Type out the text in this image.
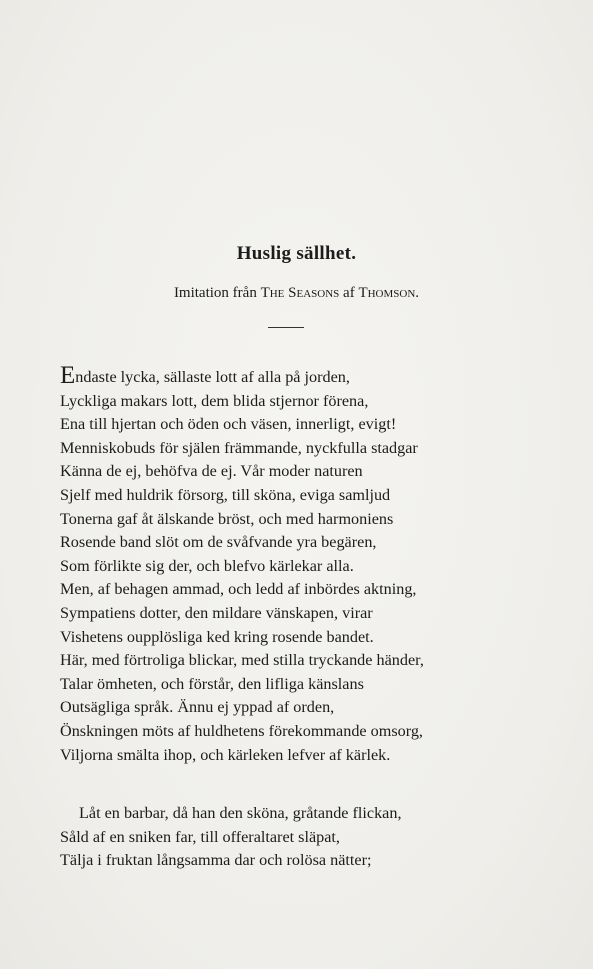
Huslig sällhet.
Imitation från The Seasons af Thomson.
Endaste lycka, sällaste lott af alla på jorden,
Lyckliga makars lott, dem blida stjernor förena,
Ena till hjertan och öden och väsen, innerligt, evigt!
Menniskobuds för själen främmande, nyckfulla stadgar
Känna de ej, behöfva de ej. Vår moder naturen
Sjelf med huldrik försorg, till sköna, eviga samljud
Tonerna gaf åt älskande bröst, och med harmoniens
Rosende band slöt om de svåfvande yra begären,
Som förlikte sig der, och blefvo kärlekar alla.
Men, af behagen ammad, och ledd af inbördes aktning,
Sympatiens dotter, den mildare vänskapen, virar
Vishetens oupplösliga ked kring rosende bandet.
Här, med förtroliga blickar, med stilla tryckande händer,
Talar ömheten, och förstår, den lifliga känslans
Outsägliga språk. Ännu ej yppad af orden,
Önskningen möts af huldhetens förekommande omsorg,
Viljorna smälta ihop, och kärleken lefver af kärlek.
Låt en barbar, då han den sköna, gråtande flickan,
Såld af en sniken far, till offeraltaret släpat,
Tälja i fruktan långsamma dar och rolösa nätter;
